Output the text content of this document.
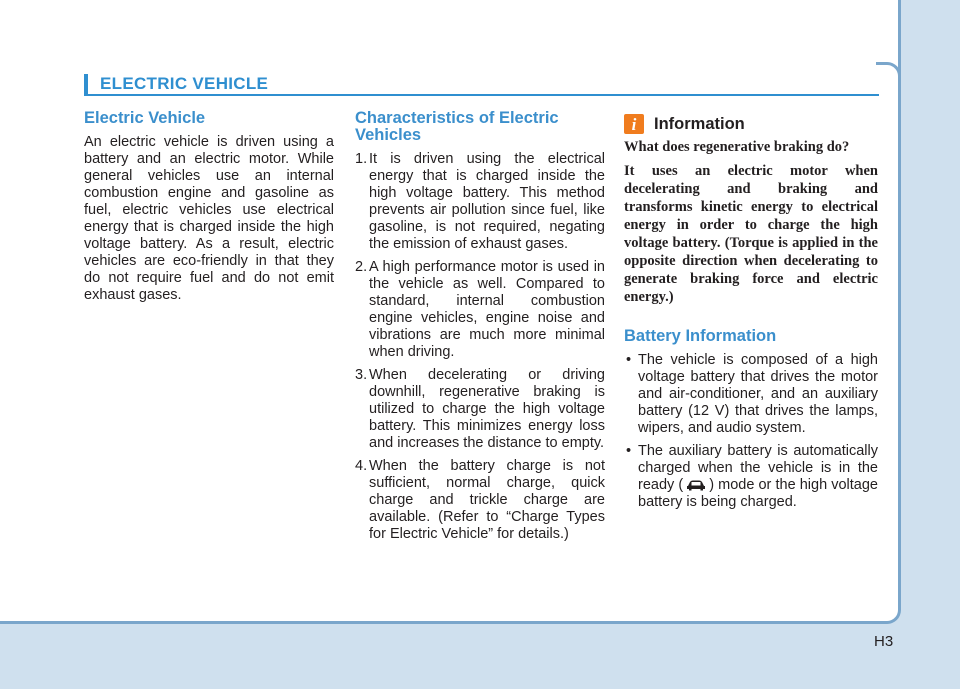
ELECTRIC VEHICLE
Electric Vehicle

An electric vehicle is driven using a battery and an electric motor. While general vehicles use an internal combustion engine and gasoline as fuel, electric vehicles use electrical energy that is charged inside the high voltage battery. As a result, electric vehicles are eco-friendly in that they do not require fuel and do not emit exhaust gases.

Characteristics of Electric Vehicles
1. It is driven using the electrical energy that is charged inside the high voltage battery. This method prevents air pollution since fuel, like gasoline, is not required, negating the emission of exhaust gases.
2. A high performance motor is used in the vehicle as well. Compared to standard, internal combustion engine vehicles, engine noise and vibrations are much more minimal when driving.
3. When decelerating or driving downhill, regenerative braking is utilized to charge the high voltage battery. This minimizes energy loss and increases the distance to empty.
4. When the battery charge is not sufficient, normal charge, quick charge and trickle charge are available. (Refer to “Charge Types for Electric Vehicle” for details.)
i	Information

What does regenerative braking do?

It uses an electric motor when decelerating and braking and transforms kinetic energy to electrical energy in order to charge the high voltage battery. (Torque is applied in the opposite direction when decelerating to generate braking force and electric energy.)

Battery Information
• The vehicle is composed of a high voltage battery that drives the motor and air-conditioner, and an auxiliary battery (12 V) that drives the lamps, wipers, and audio system.
• The auxiliary battery is automatically charged when the vehicle is in the ready ( ) mode or the high voltage battery is being charged.
H3
